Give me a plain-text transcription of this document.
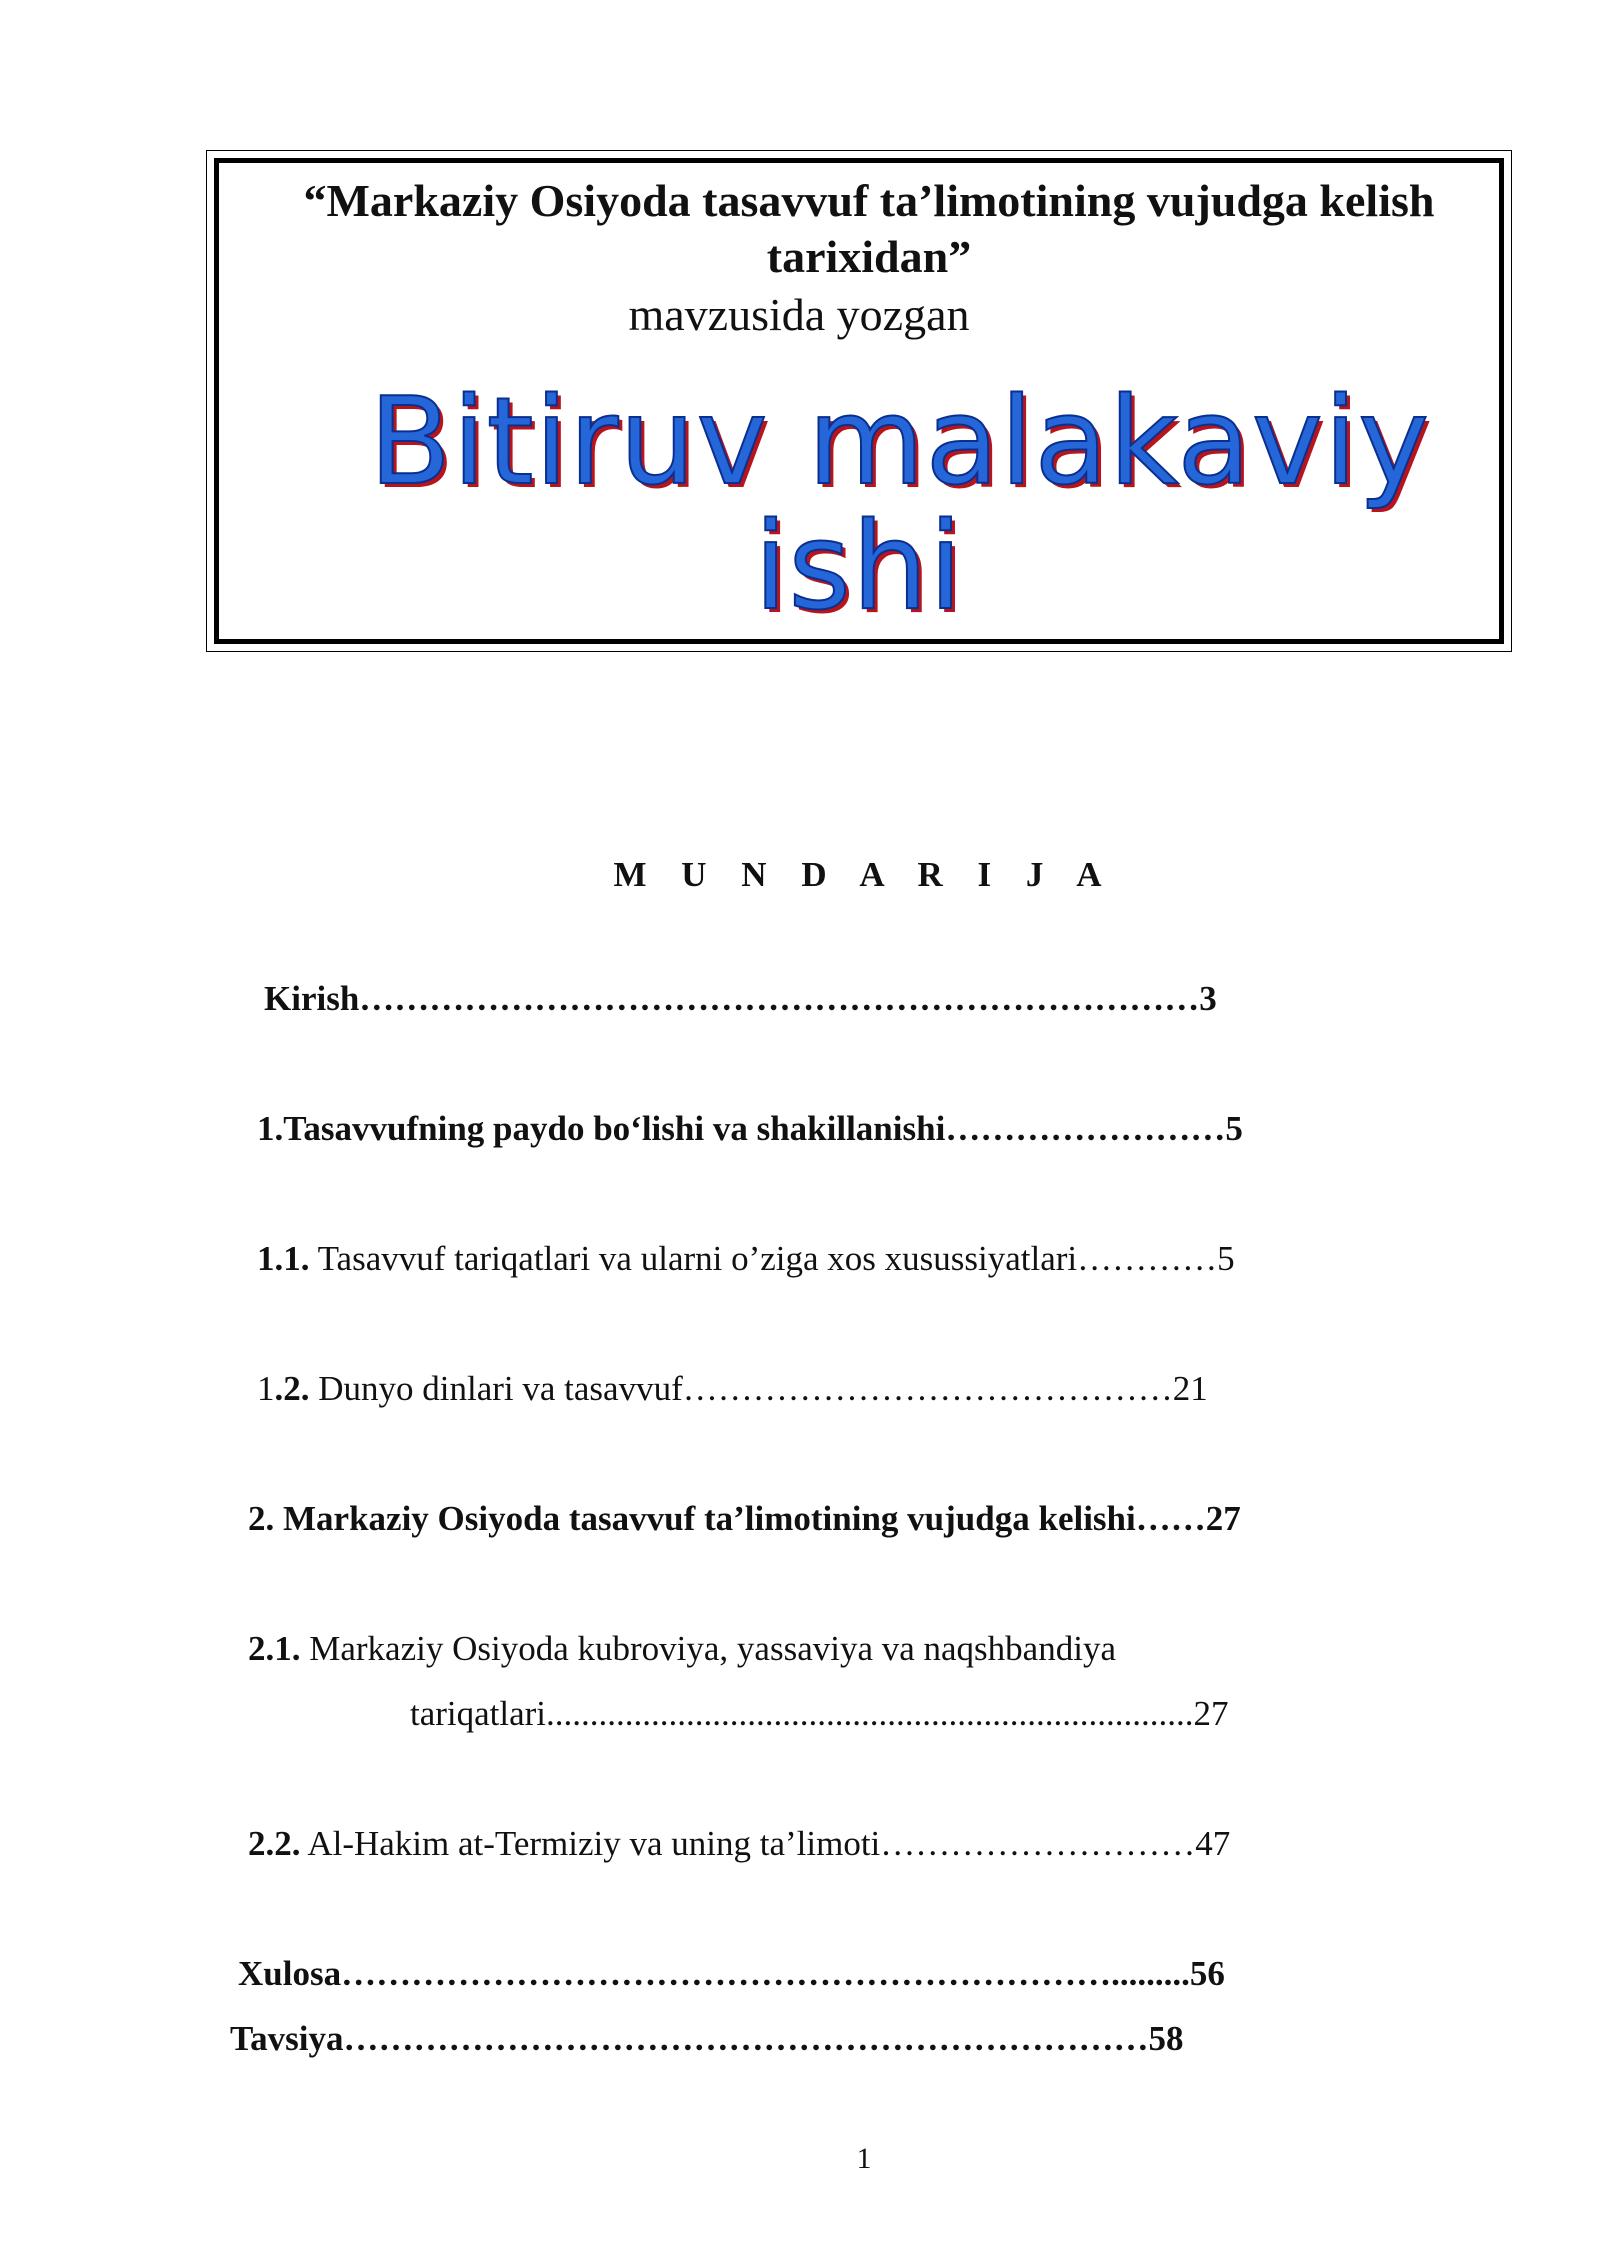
“Markaziy Osiyoda tasavvuf ta’limotining vujudga kelish tarixidan”
mavzusida yozgan
Bitiruv malakaviy
ishi
M U N D A R I J A
Kirish………………………………………………………………3
1.Tasavvufning paydo bo‘lishi va shakillanishi……………………5
1.1. Tasavvuf tariqatlari va ularni o’ziga xos xusussiyatlari…………5
1.2. Dunyo dinlari va tasavvuf……………………………………21
2. Markaziy Osiyoda tasavvuf ta’limotining vujudga kelishi……27
2.1. Markaziy Osiyoda kubroviya, yassaviya va naqshbandiya
tariqatlari..........................................................................27
2.2. Al-Hakim at-Termiziy va uning ta’limoti………………………47
Xulosa………………………………………………………….........56
Tavsiya……………………………………………………………58
1
